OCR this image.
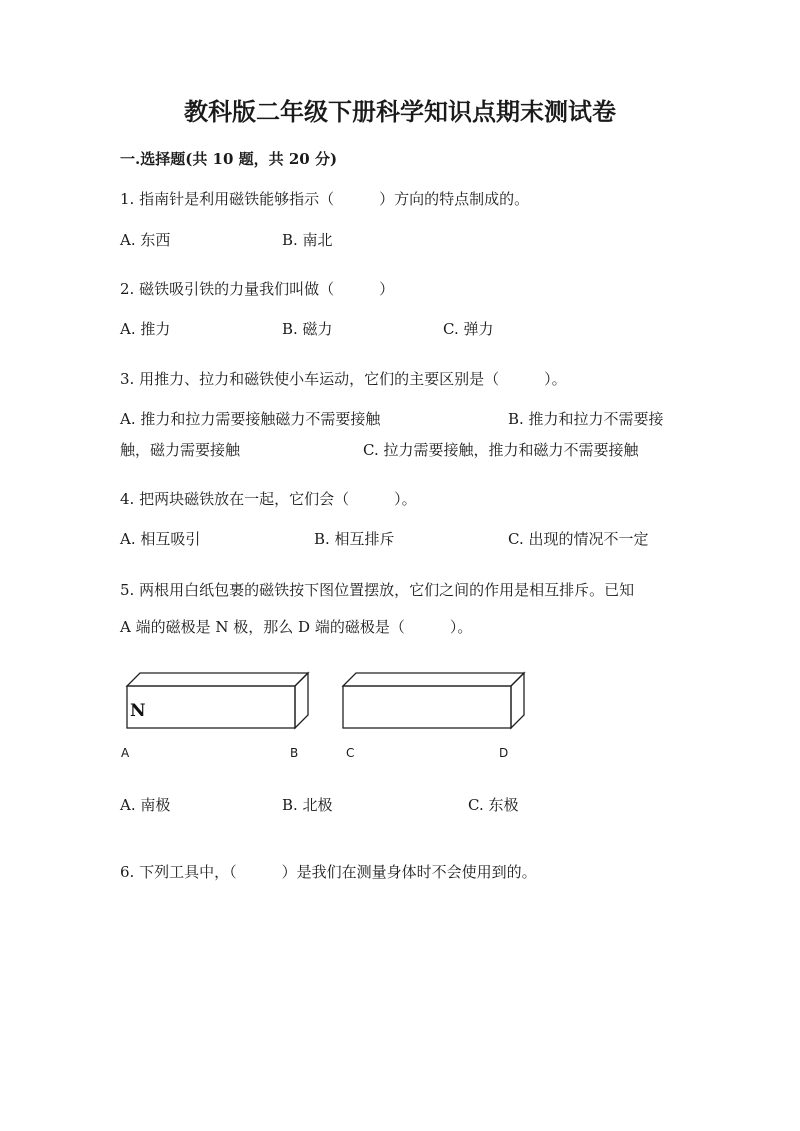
教科版二年级下册科学知识点期末测试卷
一.选择题(共 10 题，共 20 分)
1. 指南针是利用磁铁能够指示（　　　）方向的特点制成的。
A. 东西	B. 南北
2. 磁铁吸引铁的力量我们叫做（　　　）
A. 推力	B. 磁力	C. 弹力
3. 用推力、拉力和磁铁使小车运动，它们的主要区别是（　　　）。
A. 推力和拉力需要接触磁力不需要接触	B. 推力和拉力不需要接
触，磁力需要接触	C. 拉力需要接触，推力和磁力不需要接触
4. 把两块磁铁放在一起，它们会（　　　）。
A. 相互吸引	B. 相互排斥	C. 出现的情况不一定
5. 两根用白纸包裹的磁铁按下图位置摆放，它们之间的作用是相互排斥。已知
A 端的磁极是 N 极，那么 D 端的磁极是（　　　）。
N
A	B	C	D
A. 南极	B. 北极	C. 东极
6. 下列工具中，（　　　）是我们在测量身体时不会使用到的。
